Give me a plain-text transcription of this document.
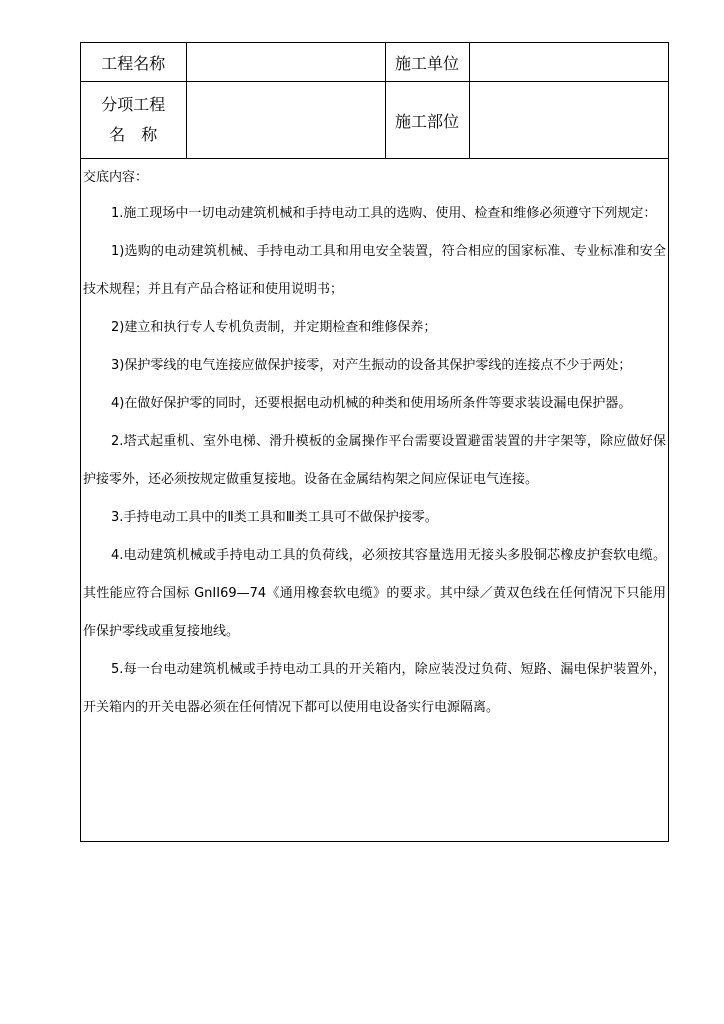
工程名称		施工单位	

分项工程
名　称		施工部位	

交底内容：

1.施工现场中一切电动建筑机械和手持电动工具的选购、使用、检查和维修必须遵守下列规定：

1)选购的电动建筑机械、手持电动工具和用电安全装置，符合相应的国家标准、专业标准和安全技术规程；并且有产品合格证和使用说明书；

2)建立和执行专人专机负责制，并定期检查和维修保养；

3)保护零线的电气连接应做保护接零，对产生振动的设备其保护零线的连接点不少于两处；

4)在做好保护零的同时，还要根据电动机械的种类和使用场所条件等要求装设漏电保护器。

2.塔式起重机、室外电梯、滑升模板的金属操作平台需要设置避雷装置的井字架等，除应做好保护接零外，还必须按规定做重复接地。设备在金属结构架之间应保证电气连接。

3.手持电动工具中的Ⅱ类工具和Ⅲ类工具可不做保护接零。

4.电动建筑机械或手持电动工具的负荷线，必须按其容量选用无接头多股铜芯橡皮护套软电缆。其性能应符合国标 GnII69—74《通用橡套软电缆》的要求。其中绿／黄双色线在任何情况下只能用作保护零线或重复接地线。

5.每一台电动建筑机械或手持电动工具的开关箱内，除应装没过负荷、短路、漏电保护装置外，开关箱内的开关电器必须在任何情况下都可以使用电设备实行电源隔离。
